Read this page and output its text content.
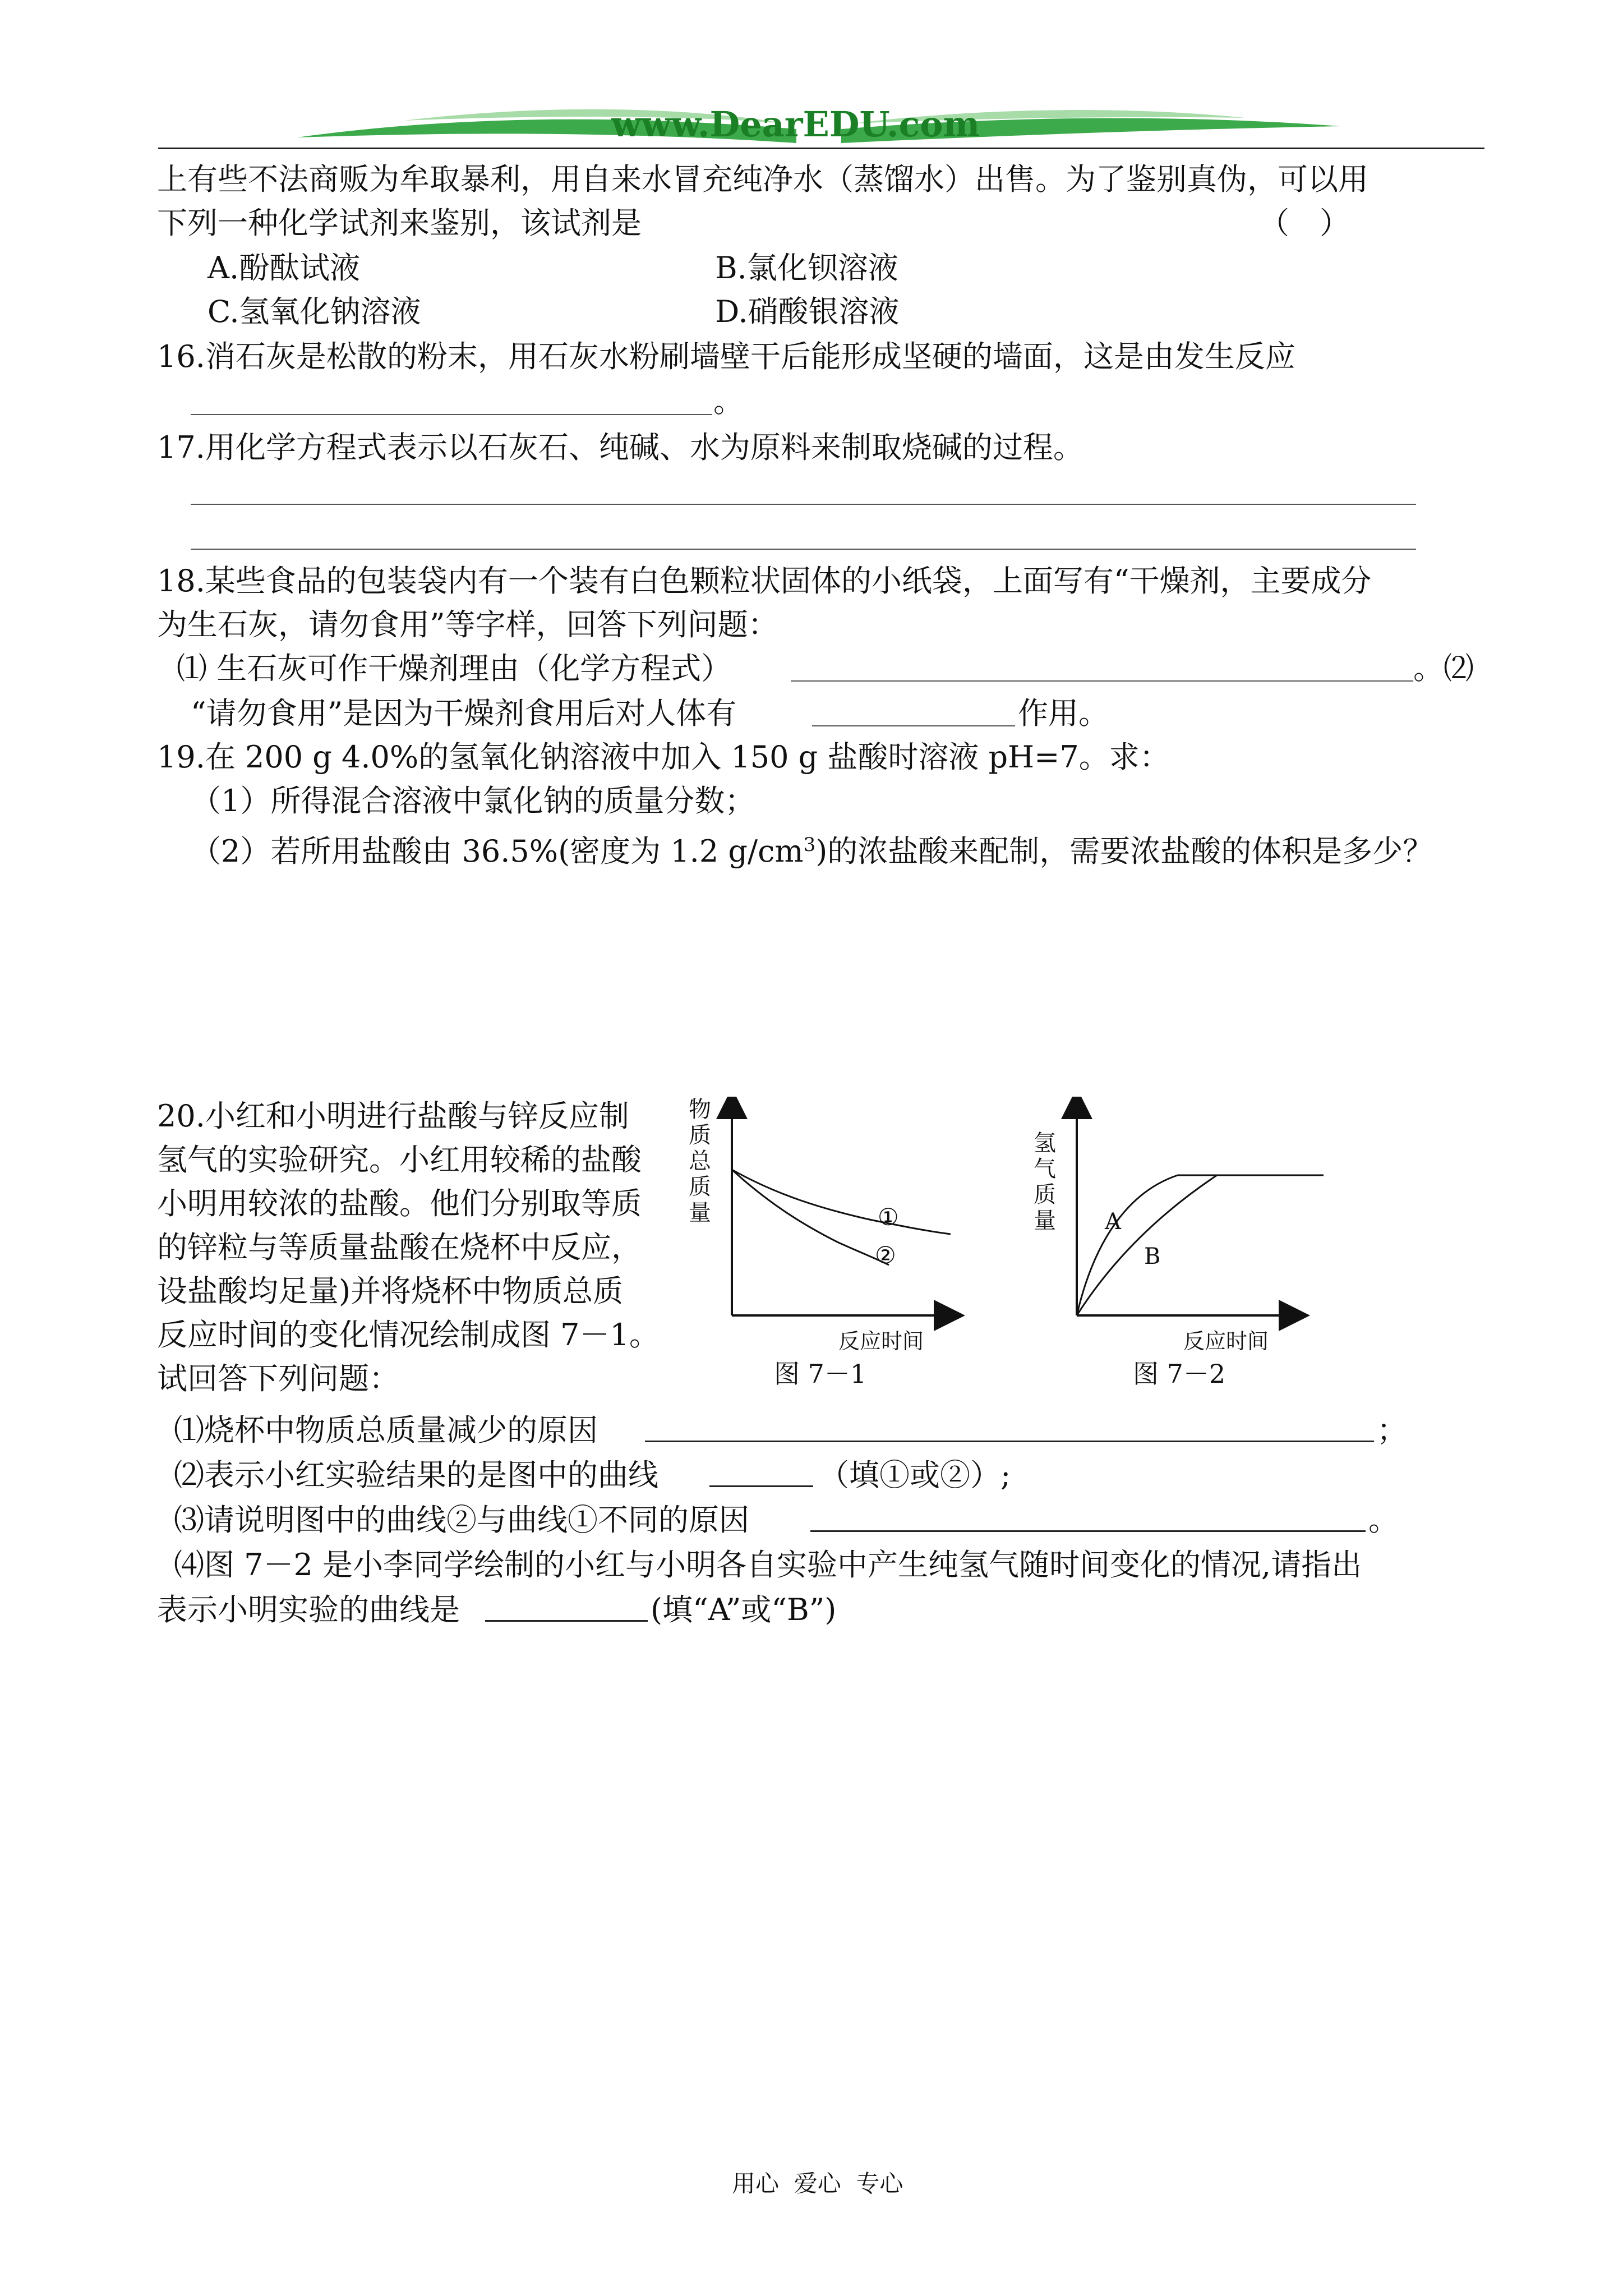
www.DearEDU.com
上有些不法商贩为牟取暴利，用自来水冒充纯净水（蒸馏水）出售。为了鉴别真伪，可以用
下列一种化学试剂来鉴别，该试剂是	（　）
A.酚酞试液	B.氯化钡溶液
C.氢氧化钠溶液	D.硝酸银溶液
16.消石灰是松散的粉末，用石灰水粉刷墙壁干后能形成坚硬的墙面，这是由发生反应
。
17.用化学方程式表示以石灰石、纯碱、水为原料来制取烧碱的过程。
18.某些食品的包装袋内有一个装有白色颗粒状固体的小纸袋，上面写有“干燥剂，主要成分
为生石灰，请勿食用”等字样，回答下列问题：
⑴ 生石灰可作干燥剂理由（化学方程式）	。⑵
“请勿食用”是因为干燥剂食用后对人体有	作用。
19.在 200 g 4.0%的氢氧化钠溶液中加入 150 g 盐酸时溶液 pH=7。求：
（1）所得混合溶液中氯化钠的质量分数；
（2）若所用盐酸由 36.5%(密度为 1.2 $g/cm^3$)的浓盐酸来配制，需要浓盐酸的体积是多少？
20.小红和小明进行盐酸与锌反应制
氢气的实验研究。小红用较稀的盐酸
小明用较浓的盐酸。他们分别取等质
的锌粒与等质量盐酸在烧杯中反应，
设盐酸均足量)并将烧杯中物质总质
反应时间的变化情况绘制成图 7－1。
试回答下列问题：
物质总质量	①
②
反应时间
图 7－1
氢气质量 A
B
反应时间
图 7－2
⑴烧杯中物质总质量减少的原因	；
⑵表示小红实验结果的是图中的曲线	（填①或②）;
⑶请说明图中的曲线②与曲线①不同的原因	。
⑷图 7－2 是小李同学绘制的小红与小明各自实验中产生纯氢气随时间变化的情况,请指出
表示小明实验的曲线是	(填“A”或“B”)
用心  爱心  专心
